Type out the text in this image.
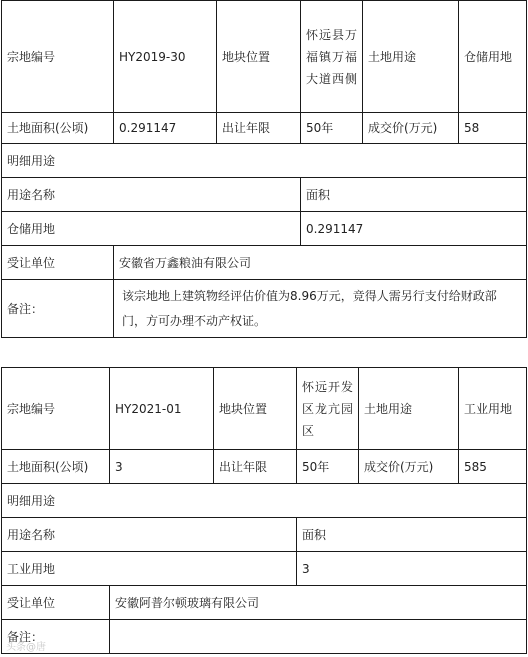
宗地编号	HY2019-30	地块位置	怀远县万福镇万福大道西侧	土地用途	仓储用地
土地面积(公顷)	0.291147	出让年限	50年	成交价(万元)	58
明细用途					
用途名称			面积		
仓储用地			0.291147		
受让单位	安徽省万鑫粮油有限公司				
备注：	该宗地地上建筑物经评估价值为8.96万元，竞得人需另行支付给财政部门，方可办理不动产权证。				
宗地编号	HY2021-01	地块位置	怀远开发区龙亢园区	土地用途	工业用地
土地面积(公顷)	3	出让年限	50年	成交价(万元)	585
明细用途					
用途名称			面积		
工业用地			3		
受让单位	安徽阿普尔顿玻璃有限公司				
备注：					
头条@唐
